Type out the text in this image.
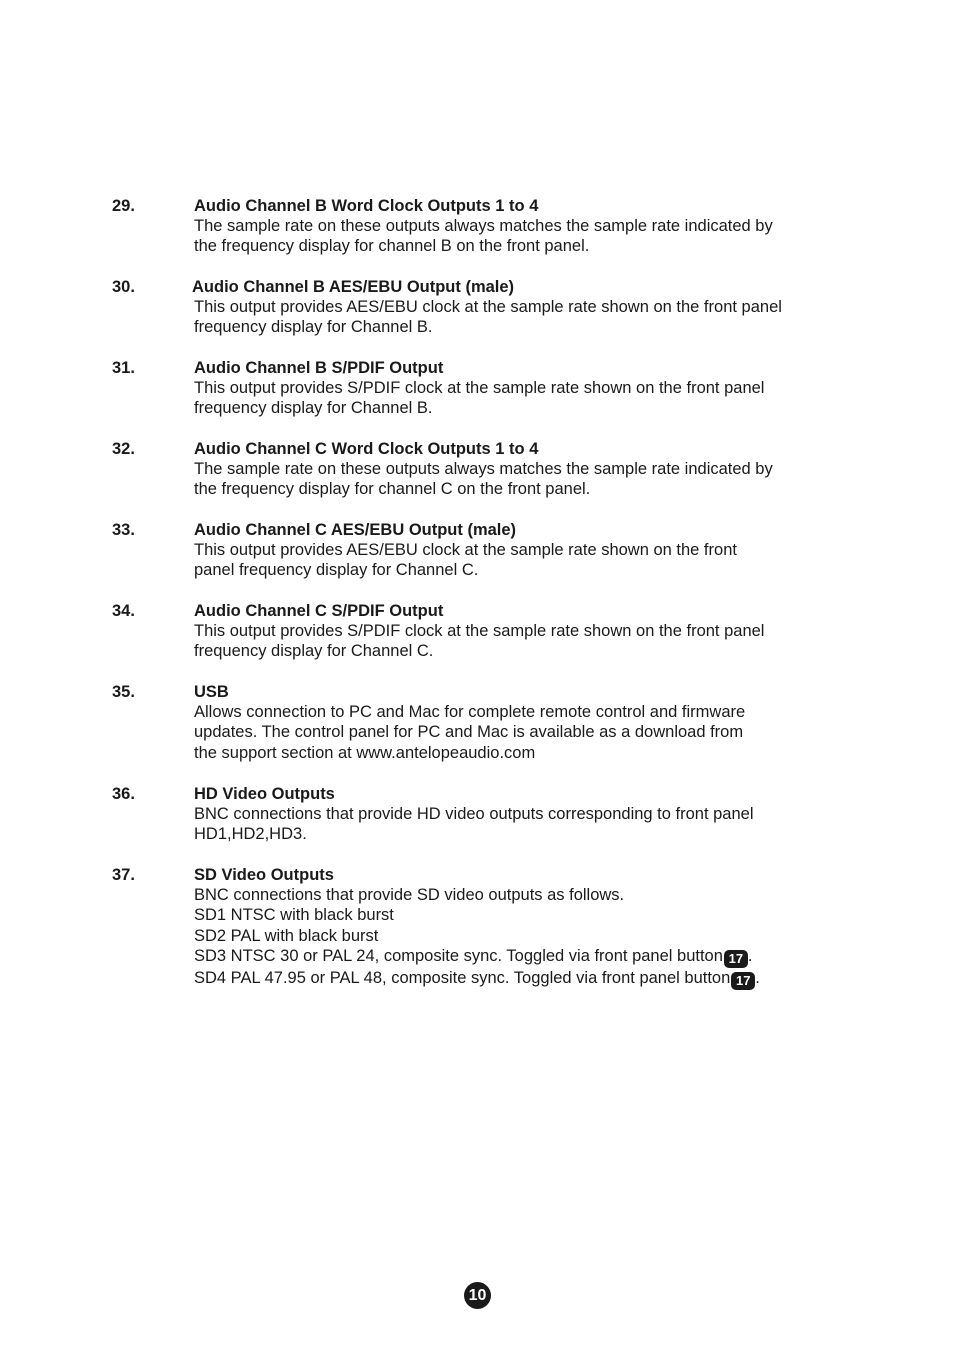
29.	Audio Channel B Word Clock Outputs 1 to 4
The sample rate on these outputs always matches the sample rate indicated by
the frequency display for channel B on the front panel.
30.	Audio Channel B AES/EBU Output (male)
This output provides AES/EBU clock at the sample rate shown on the front panel
frequency display for Channel B.
31.	Audio Channel B S/PDIF Output
This output provides S/PDIF clock at the sample rate shown on the front panel
frequency display for Channel B.
32.	Audio Channel C Word Clock Outputs 1 to 4
The sample rate on these outputs always matches the sample rate indicated by
the frequency display for channel C on the front panel.
33.	Audio Channel C AES/EBU Output (male)
This output provides AES/EBU clock at the sample rate shown on the front
panel frequency display for Channel C.
34.	Audio Channel C S/PDIF Output
This output provides S/PDIF clock at the sample rate shown on the front panel
frequency display for Channel C.
35.	USB
Allows connection to PC and Mac for complete remote control and firmware
updates. The control panel for PC and Mac is available as a download from
the support section at www.antelopeaudio.com
36.	HD Video Outputs
BNC connections that provide HD video outputs corresponding to front panel
HD1,HD2,HD3.
37.	SD Video Outputs
BNC connections that provide SD video outputs as follows.
SD1 NTSC with black burst
SD2 PAL with black burst
SD3 NTSC 30 or PAL 24, composite sync. Toggled via front panel button 17 .
SD4 PAL 47.95 or PAL 48, composite sync. Toggled via front panel button 17 .
10
